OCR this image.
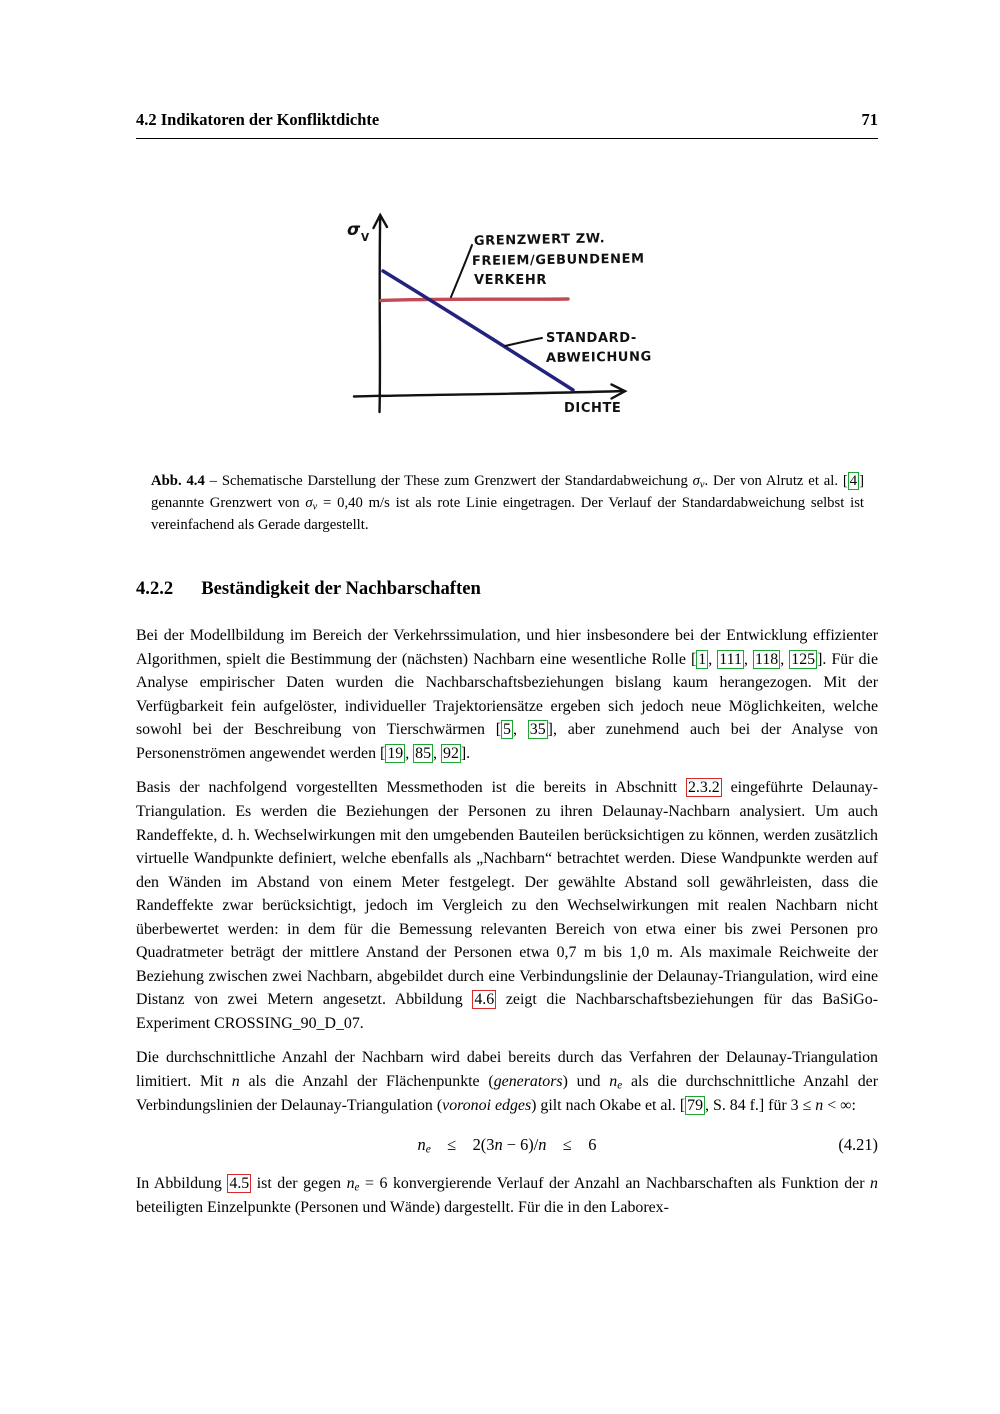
4.2 Indikatoren der Konfliktdichte	71
GRENZWERT ZW.
FREIEM/GEBUNDENEM
VERKEHR
STANDARD-
ABWEICHUNG
DICHTE
σ V

Abb. 4.4 – Schematische Darstellung der These zum Grenzwert der Standardabweichung σv. Der von Alrutz et al. [ 4 ] genannte Grenzwert von σv = 0,40 m/s ist als rote Linie eingetragen. Der Verlauf der Standardabweichung selbst ist vereinfachend als Gerade dargestellt.

4.2.2 Beständigkeit der Nachbarschaften

Bei der Modellbildung im Bereich der Verkehrssimulation, und hier insbesondere bei der Entwicklung effizienter Algorithmen, spielt die Bestimmung der (nächsten) Nachbarn eine wesentliche Rolle [ 1 , 111 , 118 , 125 ]. Für die Analyse empirischer Daten wurden die Nachbarschaftsbeziehungen bislang kaum herangezogen. Mit der Verfügbarkeit fein aufgelöster, individueller Trajektoriensätze ergeben sich jedoch neue Möglichkeiten, welche sowohl bei der Beschreibung von Tierschwärmen [ 5 , 35 ], aber zunehmend auch bei der Analyse von Personenströmen angewendet werden [ 19 , 85 , 92 ].

Basis der nachfolgend vorgestellten Messmethoden ist die bereits in Abschnitt 2.3.2 eingeführte Delaunay-Triangulation. Es werden die Beziehungen der Personen zu ihren Delaunay-Nachbarn analysiert. Um auch Randeffekte, d. h. Wechselwirkungen mit den umgebenden Bauteilen berücksichtigen zu können, werden zusätzlich virtuelle Wandpunkte definiert, welche ebenfalls als „Nachbarn“ betrachtet werden. Diese Wandpunkte werden auf den Wänden im Abstand von einem Meter festgelegt. Der gewählte Abstand soll gewährleisten, dass die Randeffekte zwar berücksichtigt, jedoch im Vergleich zu den Wechselwirkungen mit realen Nachbarn nicht überbewertet werden: in dem für die Bemessung relevanten Bereich von etwa einer bis zwei Personen pro Quadratmeter beträgt der mittlere Anstand der Personen etwa 0,7 m bis 1,0 m. Als maximale Reichweite der Beziehung zwischen zwei Nachbarn, abgebildet durch eine Verbindungslinie der Delaunay-Triangulation, wird eine Distanz von zwei Metern angesetzt. Abbildung 4.6 zeigt die Nachbarschaftsbeziehungen für das BaSiGo-Experiment CROSSING_90_D_07.

Die durchschnittliche Anzahl der Nachbarn wird dabei bereits durch das Verfahren der Delaunay-Triangulation limitiert. Mit n als die Anzahl der Flächenpunkte (generators) und ne als die durchschnittliche Anzahl der Verbindungslinien der Delaunay-Triangulation (voronoi edges) gilt nach Okabe et al. [ 79 , S. 84 f.] für 3 ≤ n < ∞:

ne  ≤  2(3n − 6)/n  ≤  6	(4.21)

In Abbildung 4.5 ist der gegen ne = 6 konvergierende Verlauf der Anzahl an Nachbarschaften als Funktion der n beteiligten Einzelpunkte (Personen und Wände) dargestellt. Für die in den Laborex-
